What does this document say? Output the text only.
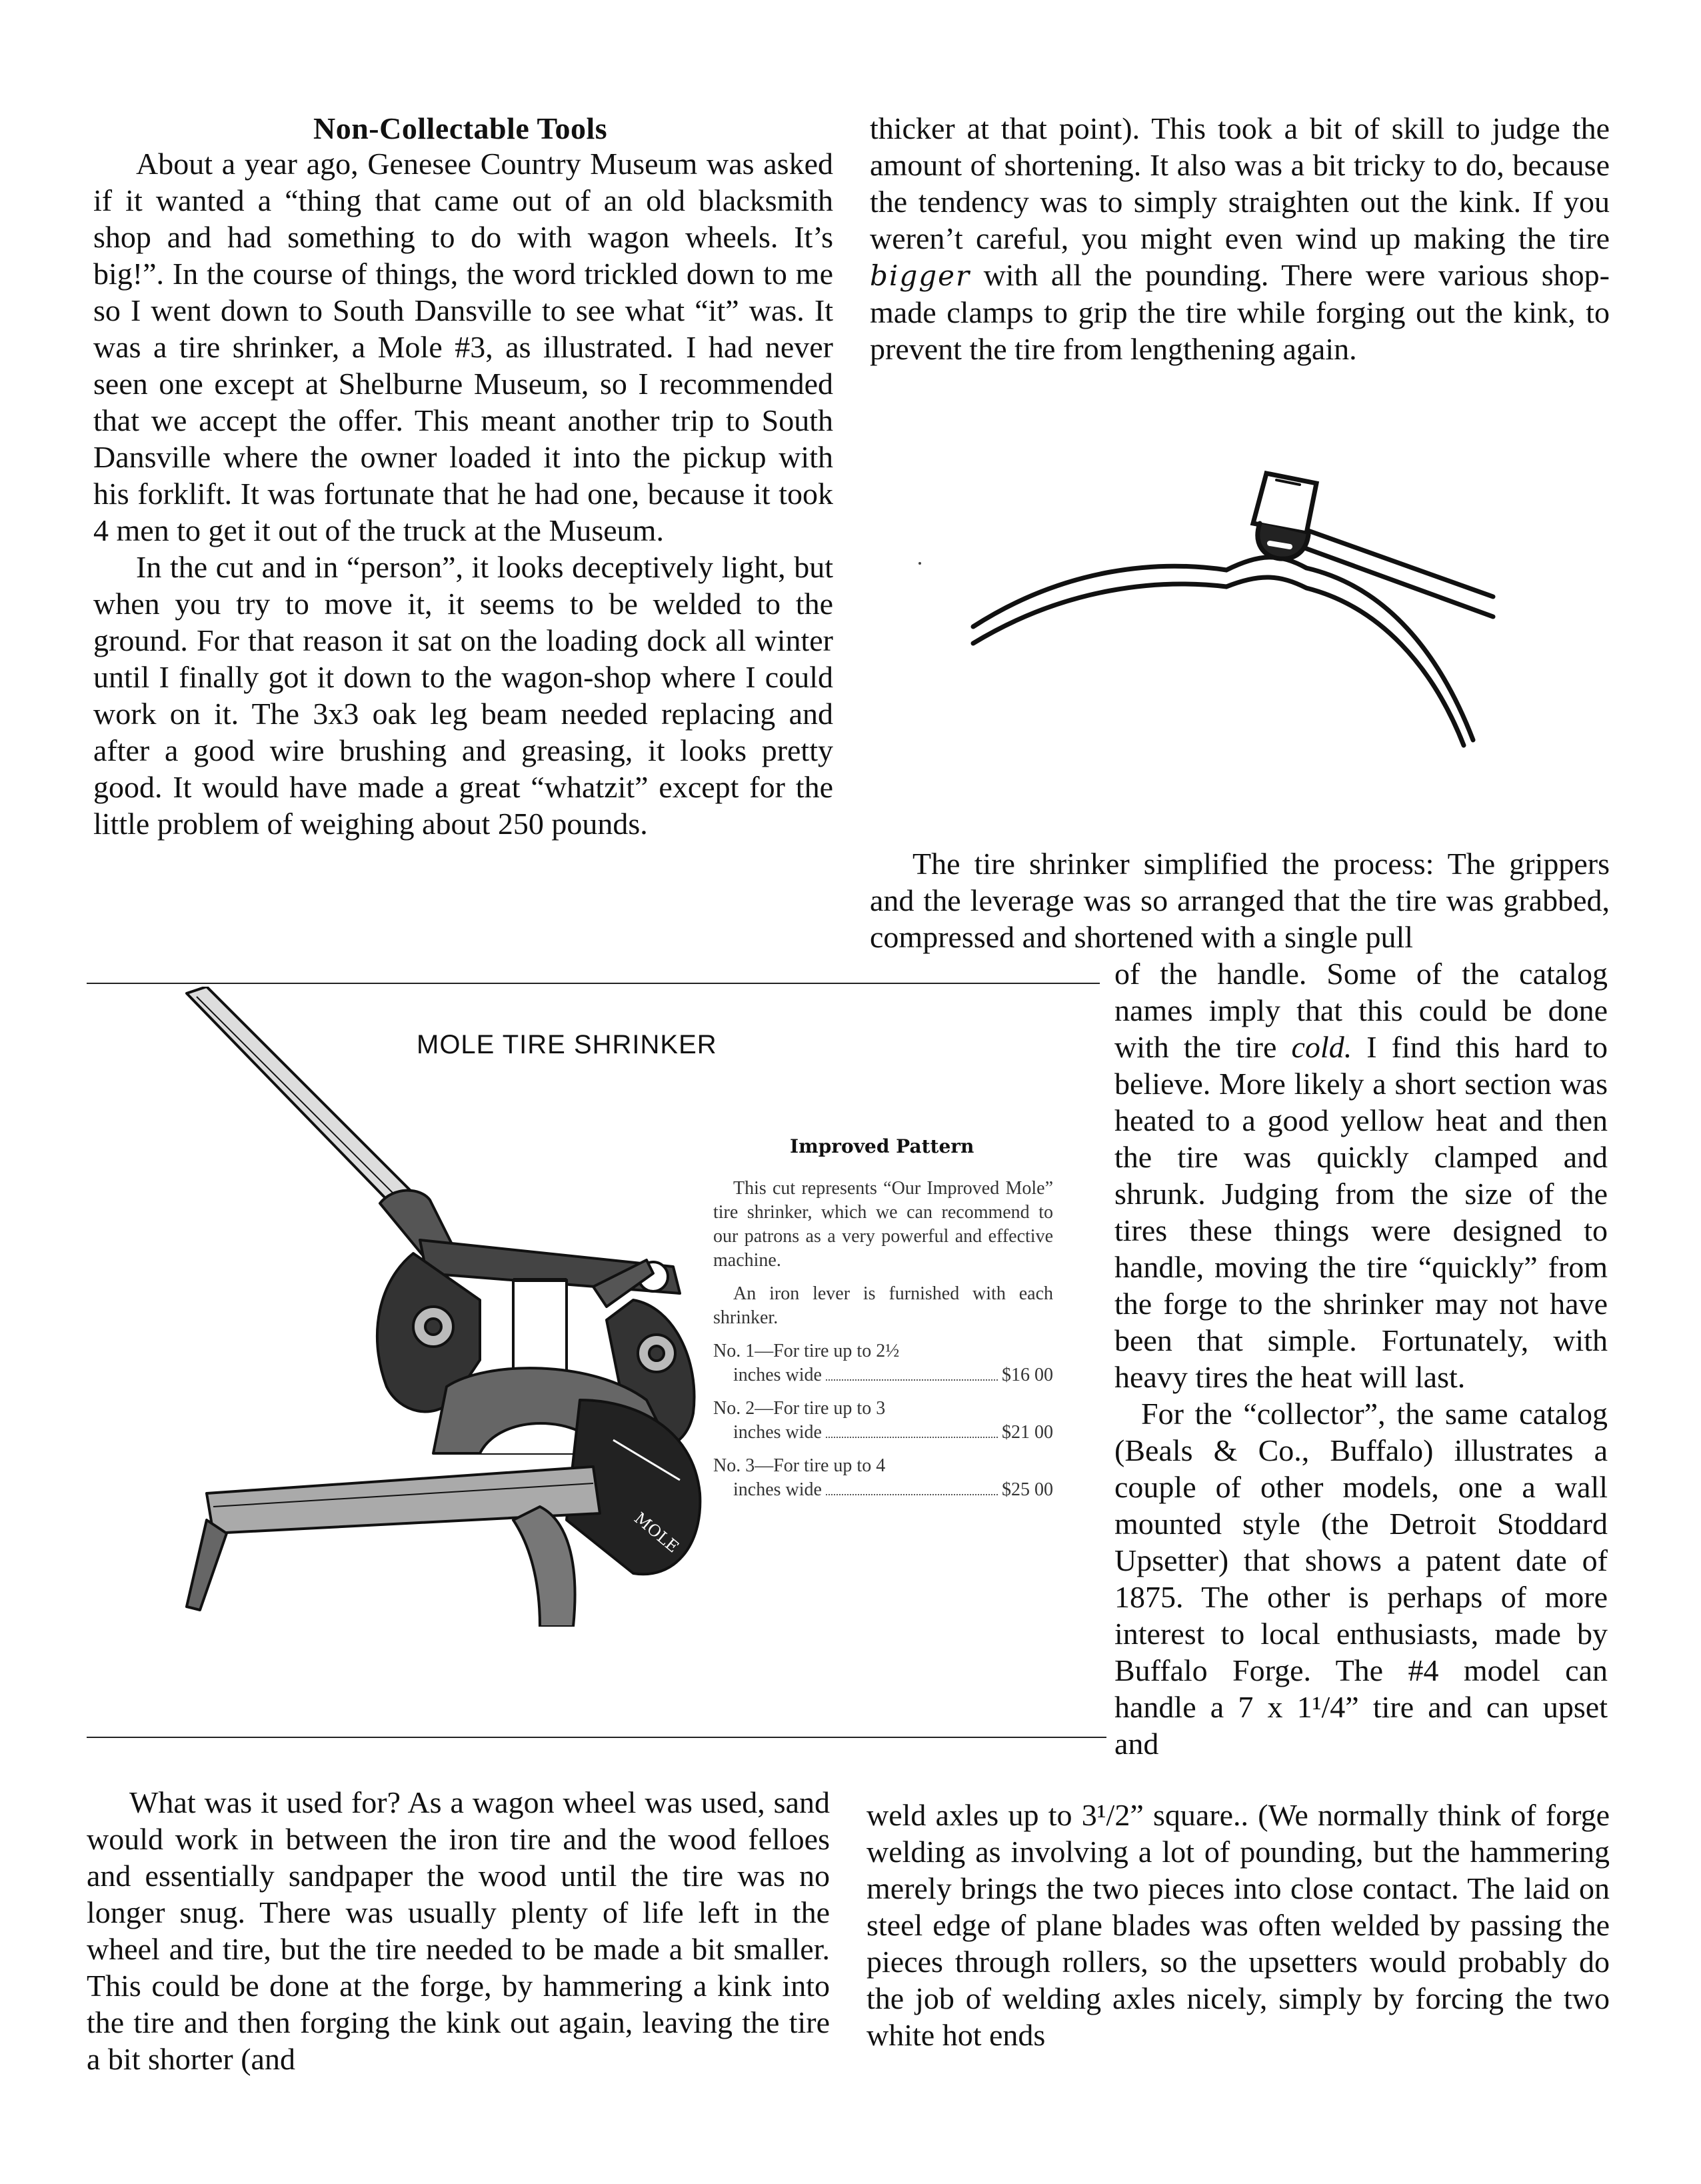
Non-Collectable Tools

About a year ago, Genesee Country Museum was asked if it wanted a “thing that came out of an old blacksmith shop and had something to do with wagon wheels. It’s big!”. In the course of things, the word trickled down to me so I went down to South Dansville to see what “it” was. It was a tire shrinker, a Mole #3, as illustrated. I had never seen one except at Shelburne Museum, so I recommended that we accept the offer. This meant another trip to South Dansville where the owner loaded it into the pickup with his forklift. It was fortunate that he had one, because it took 4 men to get it out of the truck at the Museum.

In the cut and in “person”, it looks deceptively light, but when you try to move it, it seems to be welded to the ground. For that reason it sat on the loading dock all winter until I finally got it down to the wagon-shop where I could work on it. The 3x3 oak leg beam needed replacing and after a good wire brushing and greasing, it looks pretty good. It would have made a great “whatzit” except for the little problem of weighing about 250 pounds.

thicker at that point). This took a bit of skill to judge the amount of shortening. It also was a bit tricky to do, because the tendency was to simply straighten out the kink. If you weren’t careful, you might even wind up making the tire bigger with all the pounding. There were various shop-made clamps to grip the tire while forging out the kink, to prevent the tire from lengthening again.

The tire shrinker simplified the process: The grippers and the leverage was so arranged that the tire was grabbed, compressed and shortened with a single pull

of the handle. Some of the catalog names imply that this could be done with the tire cold. I find this hard to believe. More likely a short section was heated to a good yellow heat and then the tire was quickly clamped and shrunk. Judging from the size of the tires these things were designed to handle, moving the tire “quickly” from the forge to the shrinker may not have been that simple. Fortunately, with heavy tires the heat will last.

For the “collector”, the same catalog (Beals & Co., Buffalo) illustrates a couple of other models, one a wall mounted style (the Detroit Stoddard Upsetter) that shows a patent date of 1875. The other is perhaps of more interest to local enthusiasts, made by Buffalo Forge. The #4 model can handle a 7 x 1¹/4” tire and can upset and

MOLE TIRE SHRINKER
Improved Pattern

This cut represents “Our Improved Mole” tire shrinker, which we can recommend to our patrons as a very powerful and effective machine.

An iron lever is furnished with each shrinker.

No. 1—For tire up to 2½
inches wide	$16 00
No. 2—For tire up to 3
inches wide	$21 00
No. 3—For tire up to 4
inches wide	$25 00
MOLE

What was it used for? As a wagon wheel was used, sand would work in between the iron tire and the wood felloes and essentially sandpaper the wood until the tire was no longer snug. There was usually plenty of life left in the wheel and tire, but the tire needed to be made a bit smaller. This could be done at the forge, by hammering a kink into the tire and then forging the kink out again, leaving the tire a bit shorter (and

weld axles up to 3¹/2” square.. (We normally think of forge welding as involving a lot of pounding, but the hammering merely brings the two pieces into close contact. The laid on steel edge of plane blades was often welded by passing the pieces through rollers, so the upsetters would probably do the job of welding axles nicely, simply by forcing the two white hot ends
